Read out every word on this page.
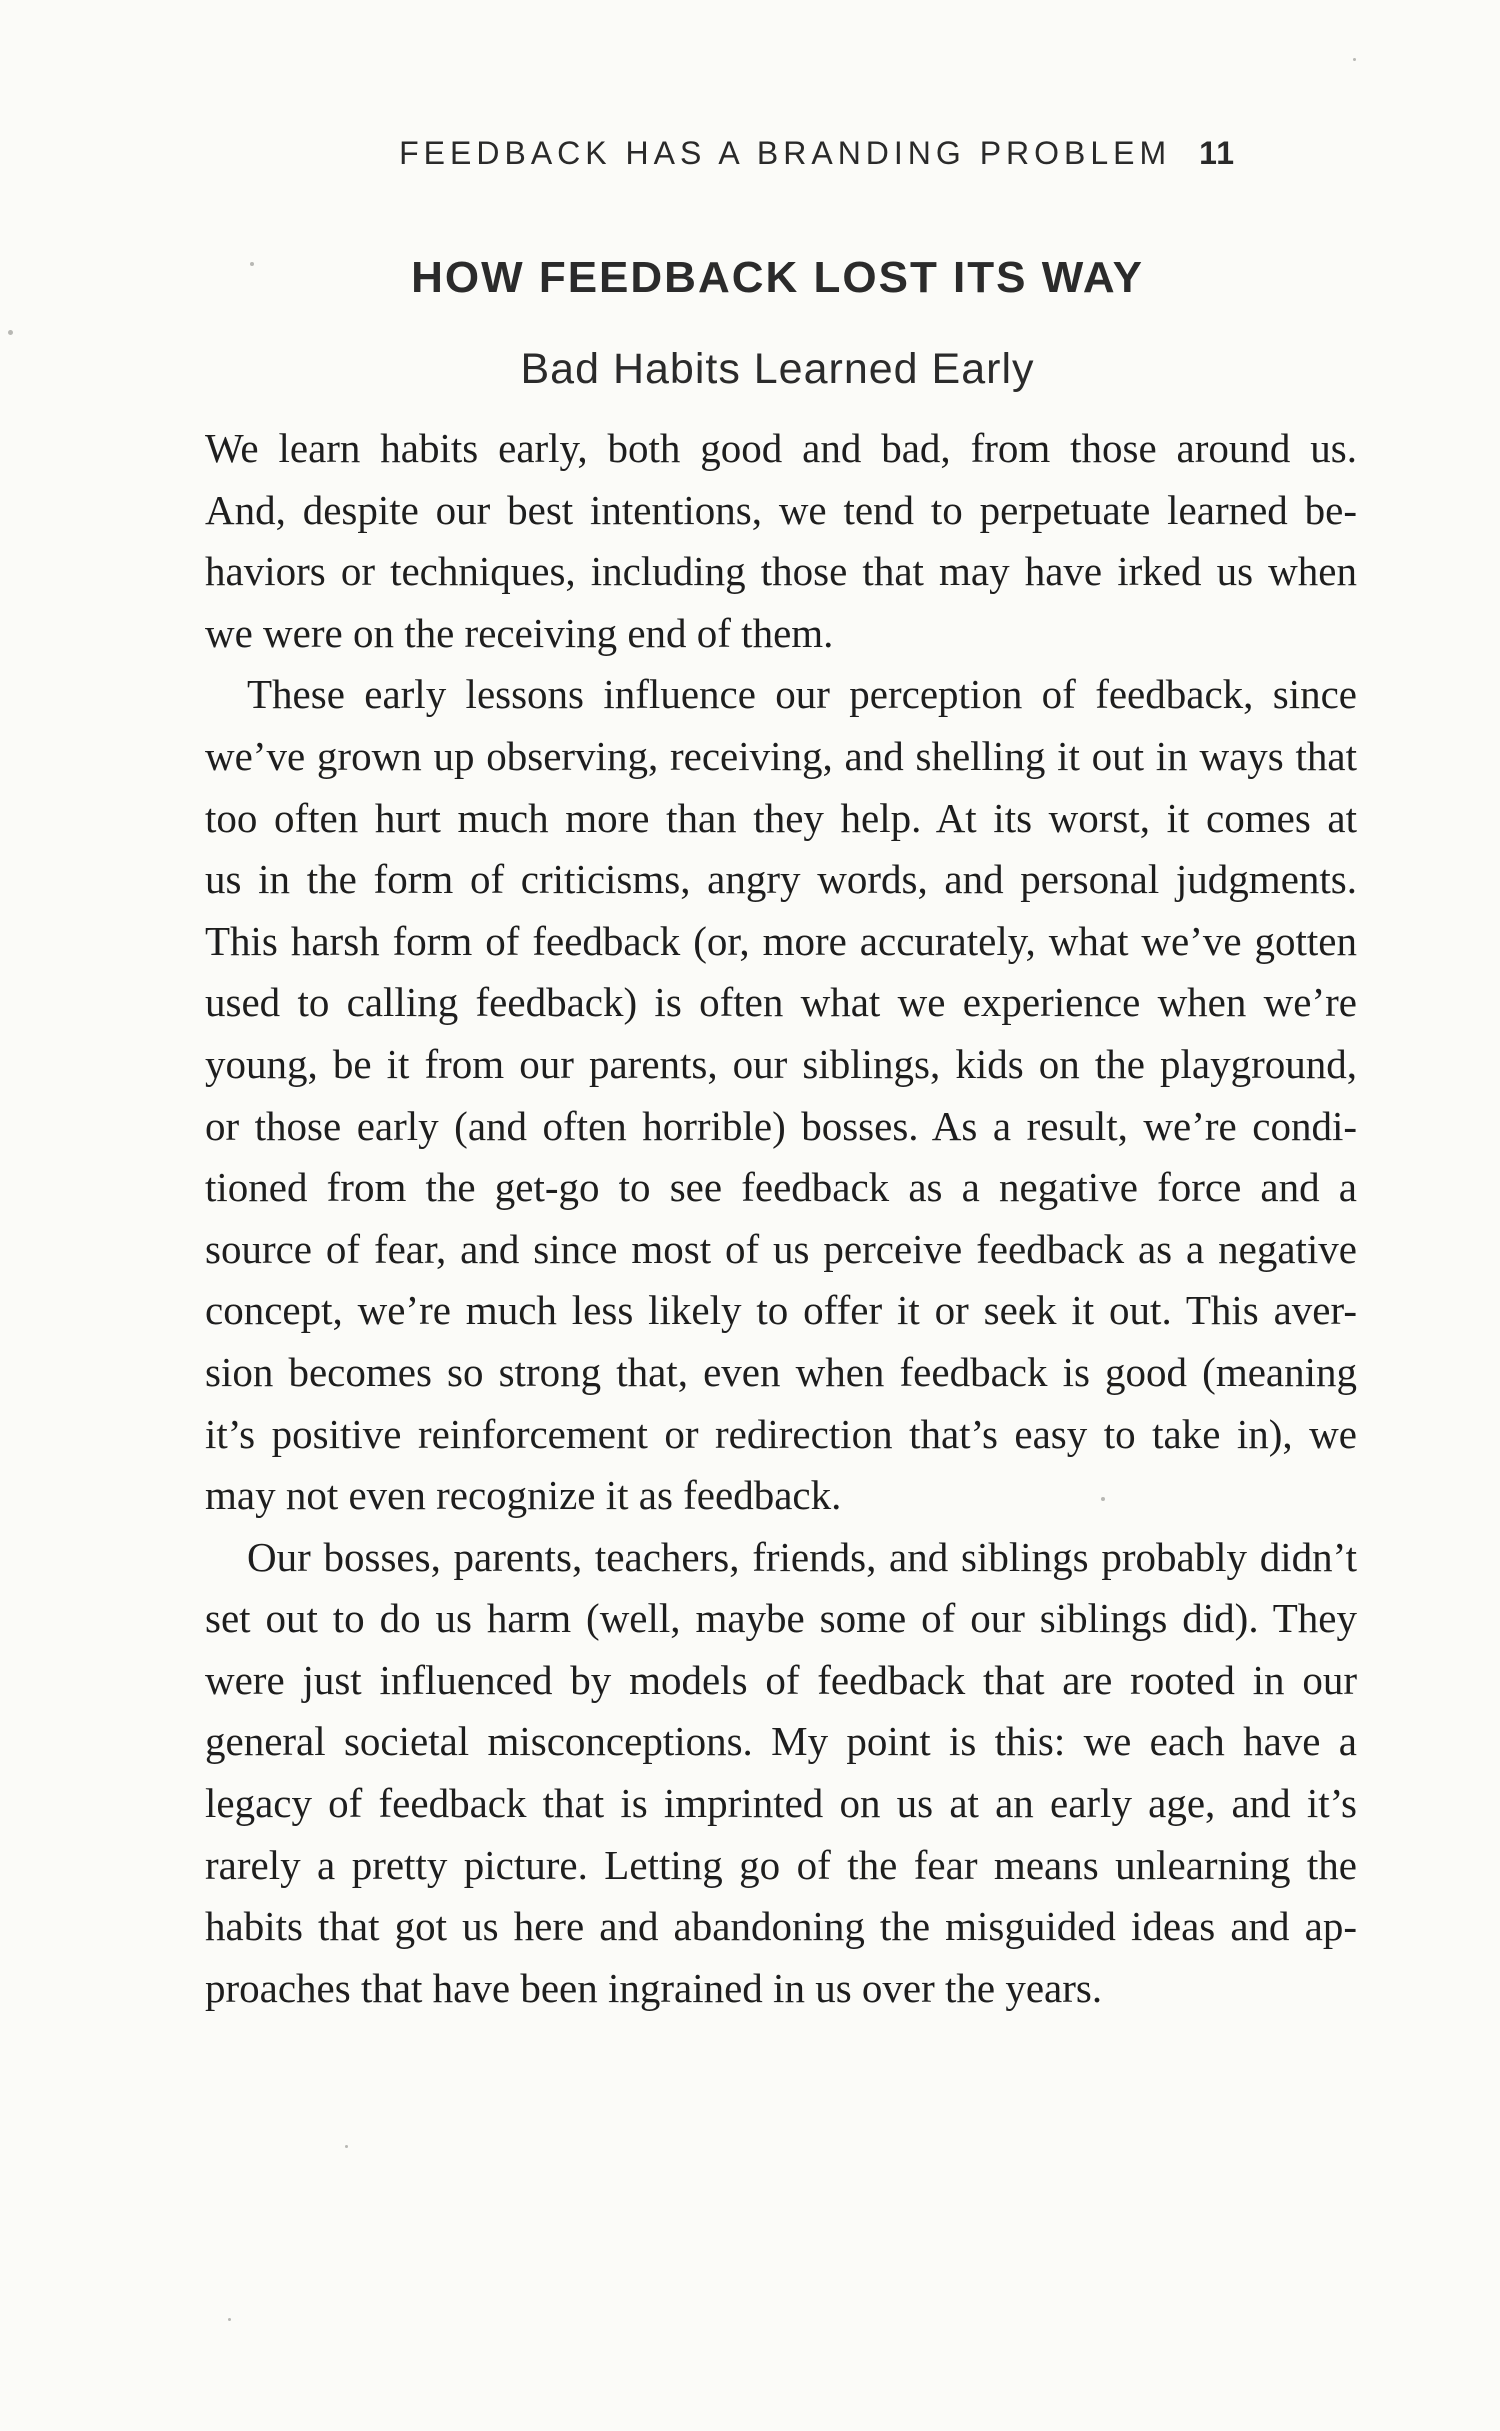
FEEDBACK HAS A BRANDING PROBLEM 11
HOW FEEDBACK LOST ITS WAY
Bad Habits Learned Early
We learn habits early, both good and bad, from those around us.
And, despite our best intentions, we tend to perpetuate learned be-
haviors or techniques, including those that may have irked us when
we were on the receiving end of them.
These early lessons influence our perception of feedback, since
we’ve grown up observing, receiving, and shelling it out in ways that
too often hurt much more than they help. At its worst, it comes at
us in the form of criticisms, angry words, and personal judgments.
This harsh form of feedback (or, more accurately, what we’ve gotten
used to calling feedback) is often what we experience when we’re
young, be it from our parents, our siblings, kids on the playground,
or those early (and often horrible) bosses. As a result, we’re condi-
tioned from the get-go to see feedback as a negative force and a
source of fear, and since most of us perceive feedback as a negative
concept, we’re much less likely to offer it or seek it out. This aver-
sion becomes so strong that, even when feedback is good (meaning
it’s positive reinforcement or redirection that’s easy to take in), we
may not even recognize it as feedback.
Our bosses, parents, teachers, friends, and siblings probably didn’t
set out to do us harm (well, maybe some of our siblings did). They
were just influenced by models of feedback that are rooted in our
general societal misconceptions. My point is this: we each have a
legacy of feedback that is imprinted on us at an early age, and it’s
rarely a pretty picture. Letting go of the fear means unlearning the
habits that got us here and abandoning the misguided ideas and ap-
proaches that have been ingrained in us over the years.
